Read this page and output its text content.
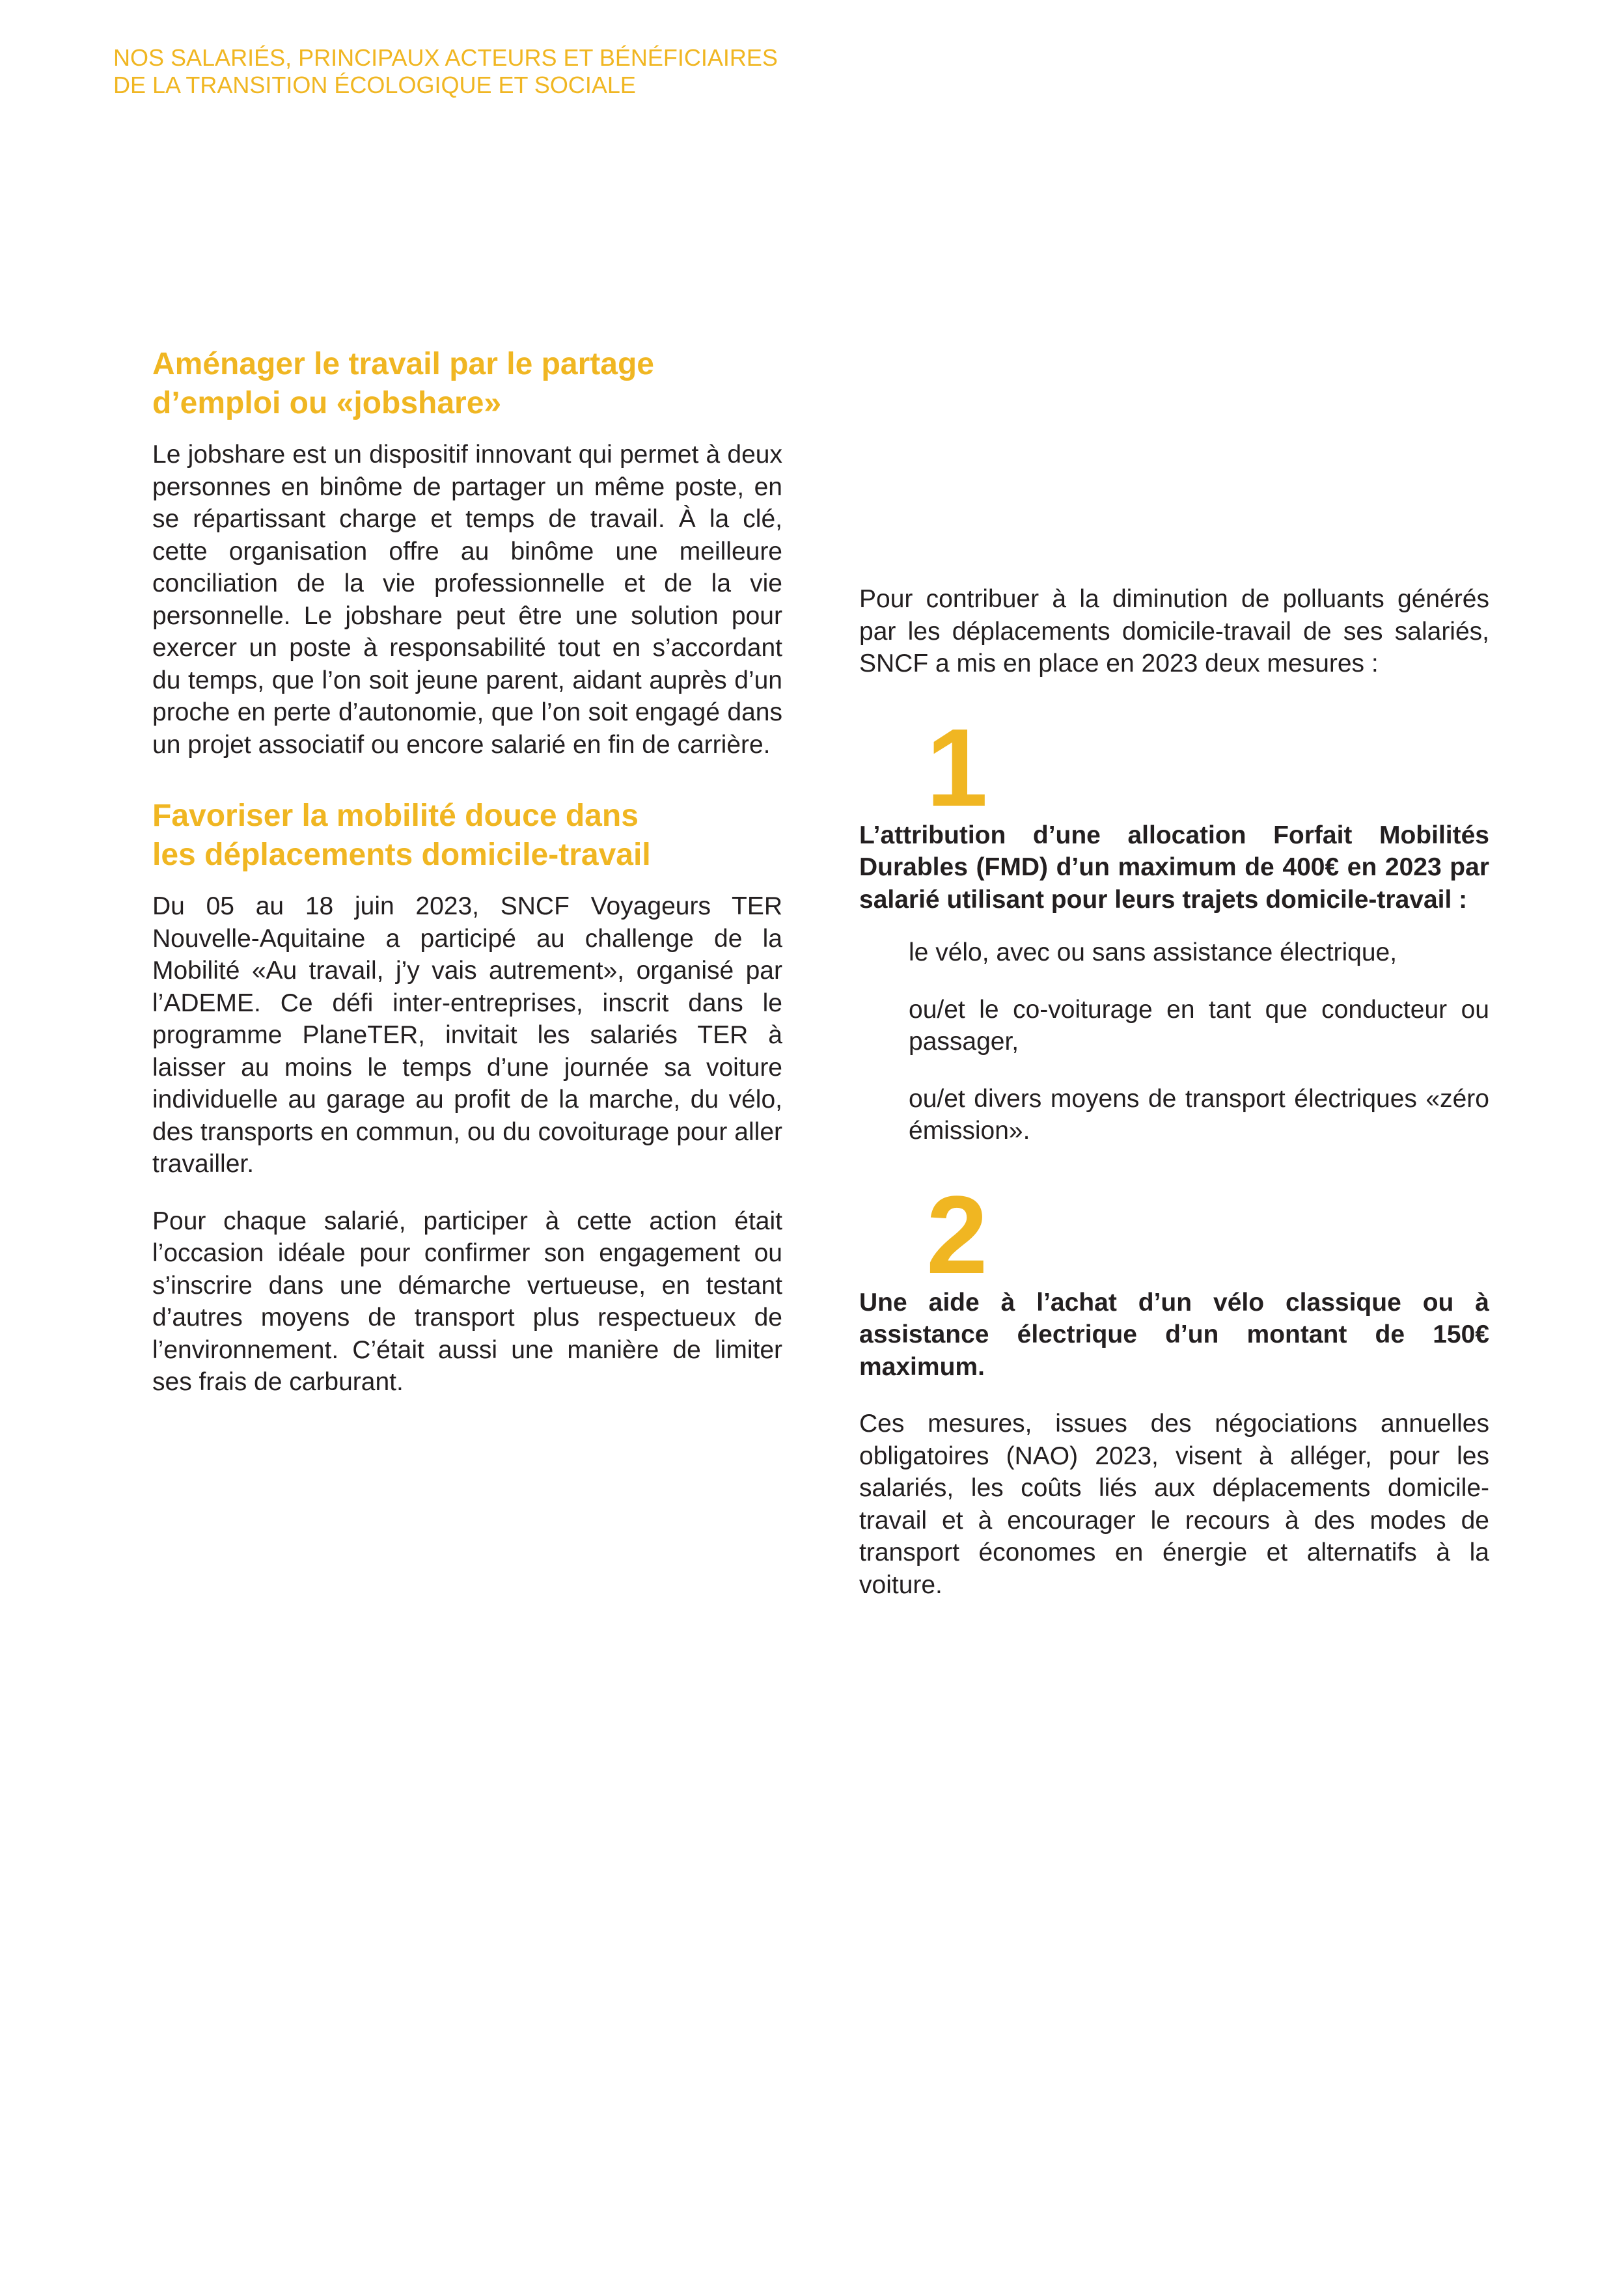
NOS SALARIÉS, PRINCIPAUX ACTEURS ET BÉNÉFICIAIRES
DE LA TRANSITION ÉCOLOGIQUE ET SOCIALE
Aménager le travail par le partage
d’emploi ou «jobshare»

Le jobshare est un dispositif innovant qui permet à deux personnes en binôme de partager un même poste, en se répartissant charge et temps de travail. À la clé, cette organisation offre au binôme une meilleure conciliation de la vie professionnelle et de la vie personnelle. Le jobshare peut être une solution pour exercer un poste à responsabilité tout en s’accordant du temps, que l’on soit jeune parent, aidant auprès d’un proche en perte d’autonomie, que l’on soit engagé dans un projet associatif ou encore salarié en fin de carrière.

Favoriser la mobilité douce dans
les déplacements domicile-travail

Du 05 au 18 juin 2023, SNCF Voyageurs TER Nouvelle-Aquitaine a participé au challenge de la Mobilité «Au travail, j’y vais autrement», organisé par l’ADEME. Ce défi inter-entreprises, inscrit dans le programme PlaneTER, invitait les salariés TER à laisser au moins le temps d’une journée sa voiture individuelle au garage au profit de la marche, du vélo, des transports en commun, ou du covoiturage pour aller travailler.

Pour chaque salarié, participer à cette action était l’occasion idéale pour confirmer son engagement ou s’inscrire dans une démarche vertueuse, en testant d’autres moyens de transport plus respectueux de l’environnement. C’était aussi une manière de limiter ses frais de carburant.

Pour contribuer à la diminution de polluants générés par les déplacements domicile-travail de ses salariés, SNCF a mis en place en 2023 deux mesures :

1

L’attribution d’une allocation Forfait Mobilités Durables (FMD) d’un maximum de 400€ en 2023 par salarié utilisant pour leurs trajets domicile-travail :

le vélo, avec ou sans assistance électrique,
ou/et le co-voiturage en tant que conducteur ou passager,
ou/et divers moyens de transport électriques «zéro émission».
2

Une aide à l’achat d’un vélo classique ou à assistance électrique d’un montant de 150€ maximum.

Ces mesures, issues des négociations annuelles obligatoires (NAO) 2023, visent à alléger, pour les salariés, les coûts liés aux déplacements domicile-travail et à encourager le recours à des modes de transport économes en énergie et alternatifs à la voiture.
